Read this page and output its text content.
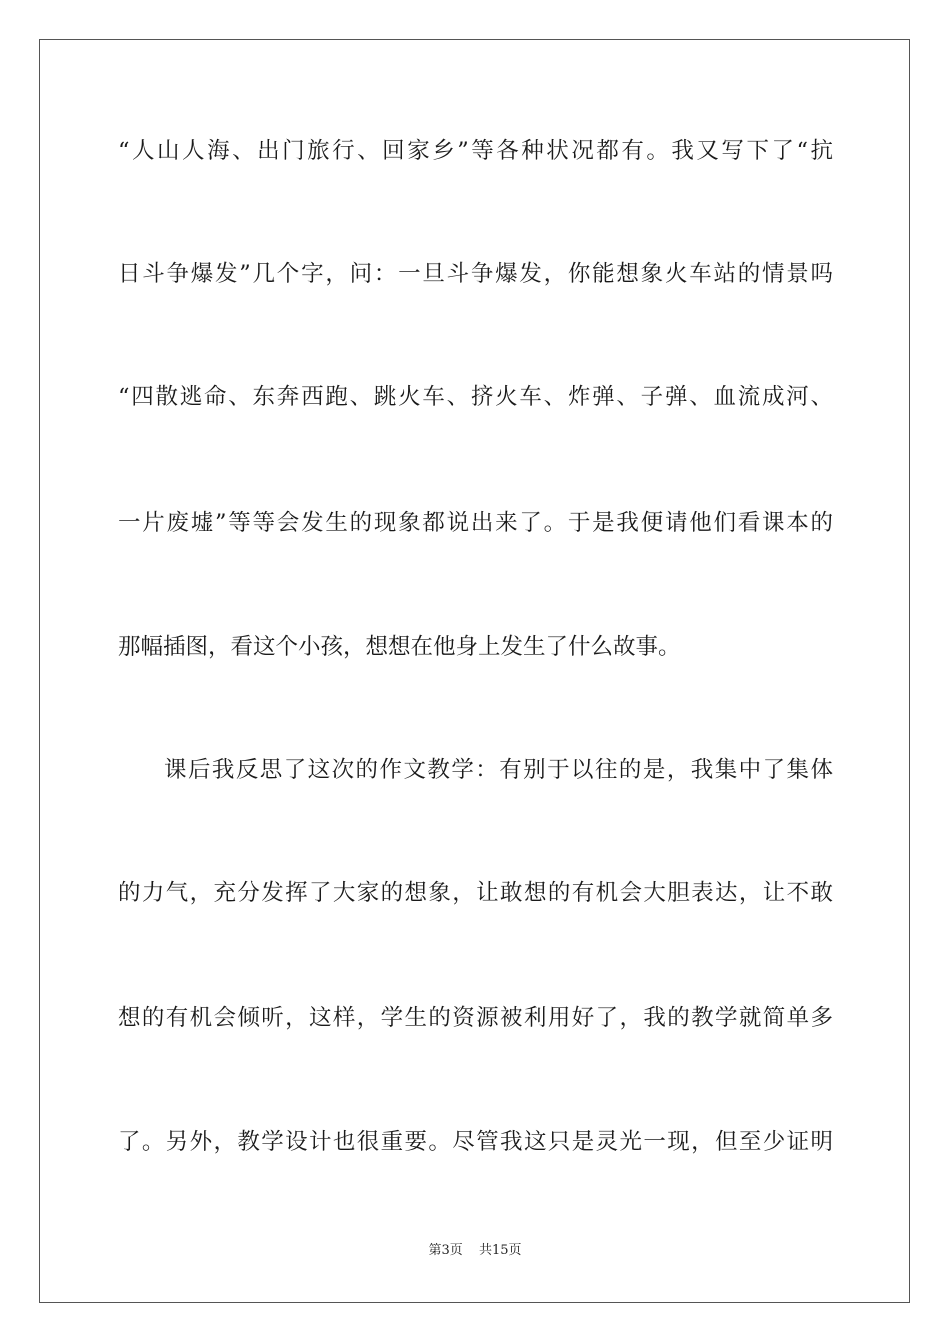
“人山人海、出门旅行、回家乡”等各种状况都有。我又写下了“抗
日斗争爆发”几个字，问：一旦斗争爆发，你能想象火车站的情景吗
“四散逃命、东奔西跑、跳火车、挤火车、炸弹、子弹、血流成河、
一片废墟”等等会发生的现象都说出来了。于是我便请他们看课本的
那幅插图，看这个小孩，想想在他身上发生了什么故事。
课后我反思了这次的作文教学：有别于以往的是，我集中了集体
的力气，充分发挥了大家的想象，让敢想的有机会大胆表达，让不敢
想的有机会倾听，这样，学生的资源被利用好了，我的教学就简单多
了。另外，教学设计也很重要。尽管我这只是灵光一现，但至少证明
第3页 共15页
